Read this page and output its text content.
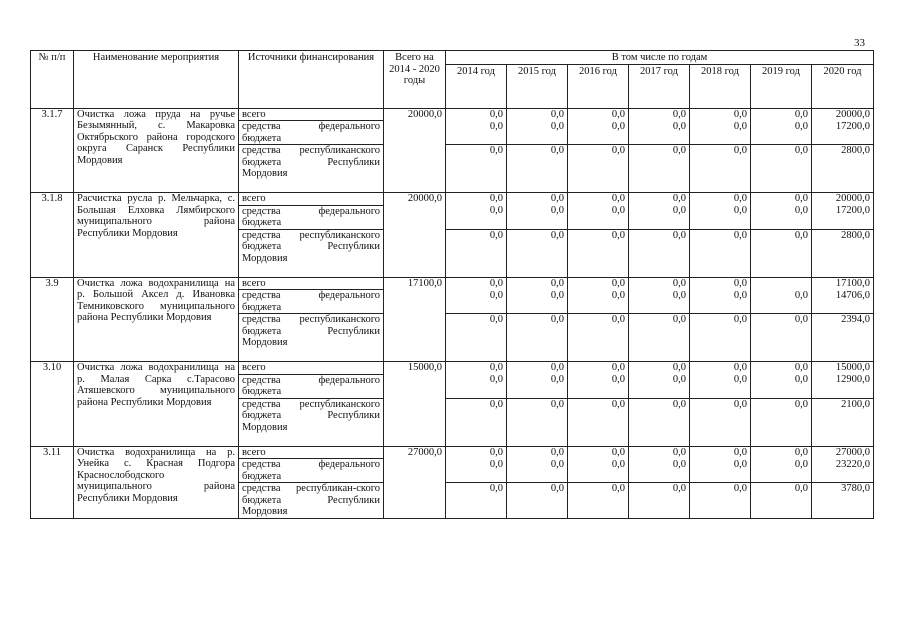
33
№ п/п	Наименование мероприятия	Источники финансирования	Всего на 2014 - 2020 годы	В том числе по годам						
				2014 год	2015 год	2016 год	2017 год	2018 год	2019 год	2020 год
3.1.7	Очистка ложа пруда на ручье Безымянный, с. Макаровка Октябрьского района городского округа Саранск Республики Мордовия	всего	20000,0	0,0	0,0	0,0	0,0	0,0	0,0	20000,0
		средства федерального бюджета		0,0	0,0	0,0	0,0	0,0	0,0	17200,0
		средства республиканского бюджета Республики Мордовия		0,0	0,0	0,0	0,0	0,0	0,0	2800,0
3.1.8	Расчистка русла р. Мельчарка, с. Большая Елховка Лямбирского муниципального района Республики Мордовия	всего	20000,0	0,0	0,0	0,0	0,0	0,0	0,0	20000,0
		средства федерального бюджета		0,0	0,0	0,0	0,0	0,0	0,0	17200,0
		средства республиканского бюджета Республики Мордовия		0,0	0,0	0,0	0,0	0,0	0,0	2800,0
3.9	Очистка ложа водохранилища на р. Большой Аксел д. Ивановка Темниковского муниципального района Республики Мордовия	всего	17100,0	0,0	0,0	0,0	0,0	0,0		17100,0
		средства федерального бюджета		0,0	0,0	0,0	0,0	0,0	0,0	14706,0
		средства республиканского бюджета Республики Мордовия		0,0	0,0	0,0	0,0	0,0	0,0	2394,0
3.10	Очистка ложа водохранилища на р. Малая Сарка с.Тарасово Атяшевского муниципального района Республики Мордовия	всего	15000,0	0,0	0,0	0,0	0,0	0,0	0,0	15000,0
		средства федерального бюджета		0,0	0,0	0,0	0,0	0,0	0,0	12900,0
		средства республиканского бюджета Республики Мордовия		0,0	0,0	0,0	0,0	0,0	0,0	2100,0
3.11	Очистка водохранилища на р. Унейка с. Красная Подгора Краснослободского муниципального района Республики Мордовия	всего	27000,0	0,0	0,0	0,0	0,0	0,0	0,0	27000,0
		средства федерального бюджета		0,0	0,0	0,0	0,0	0,0	0,0	23220,0
		средства республикан-ского бюджета Республики Мордовия		0,0	0,0	0,0	0,0	0,0	0,0	3780,0
